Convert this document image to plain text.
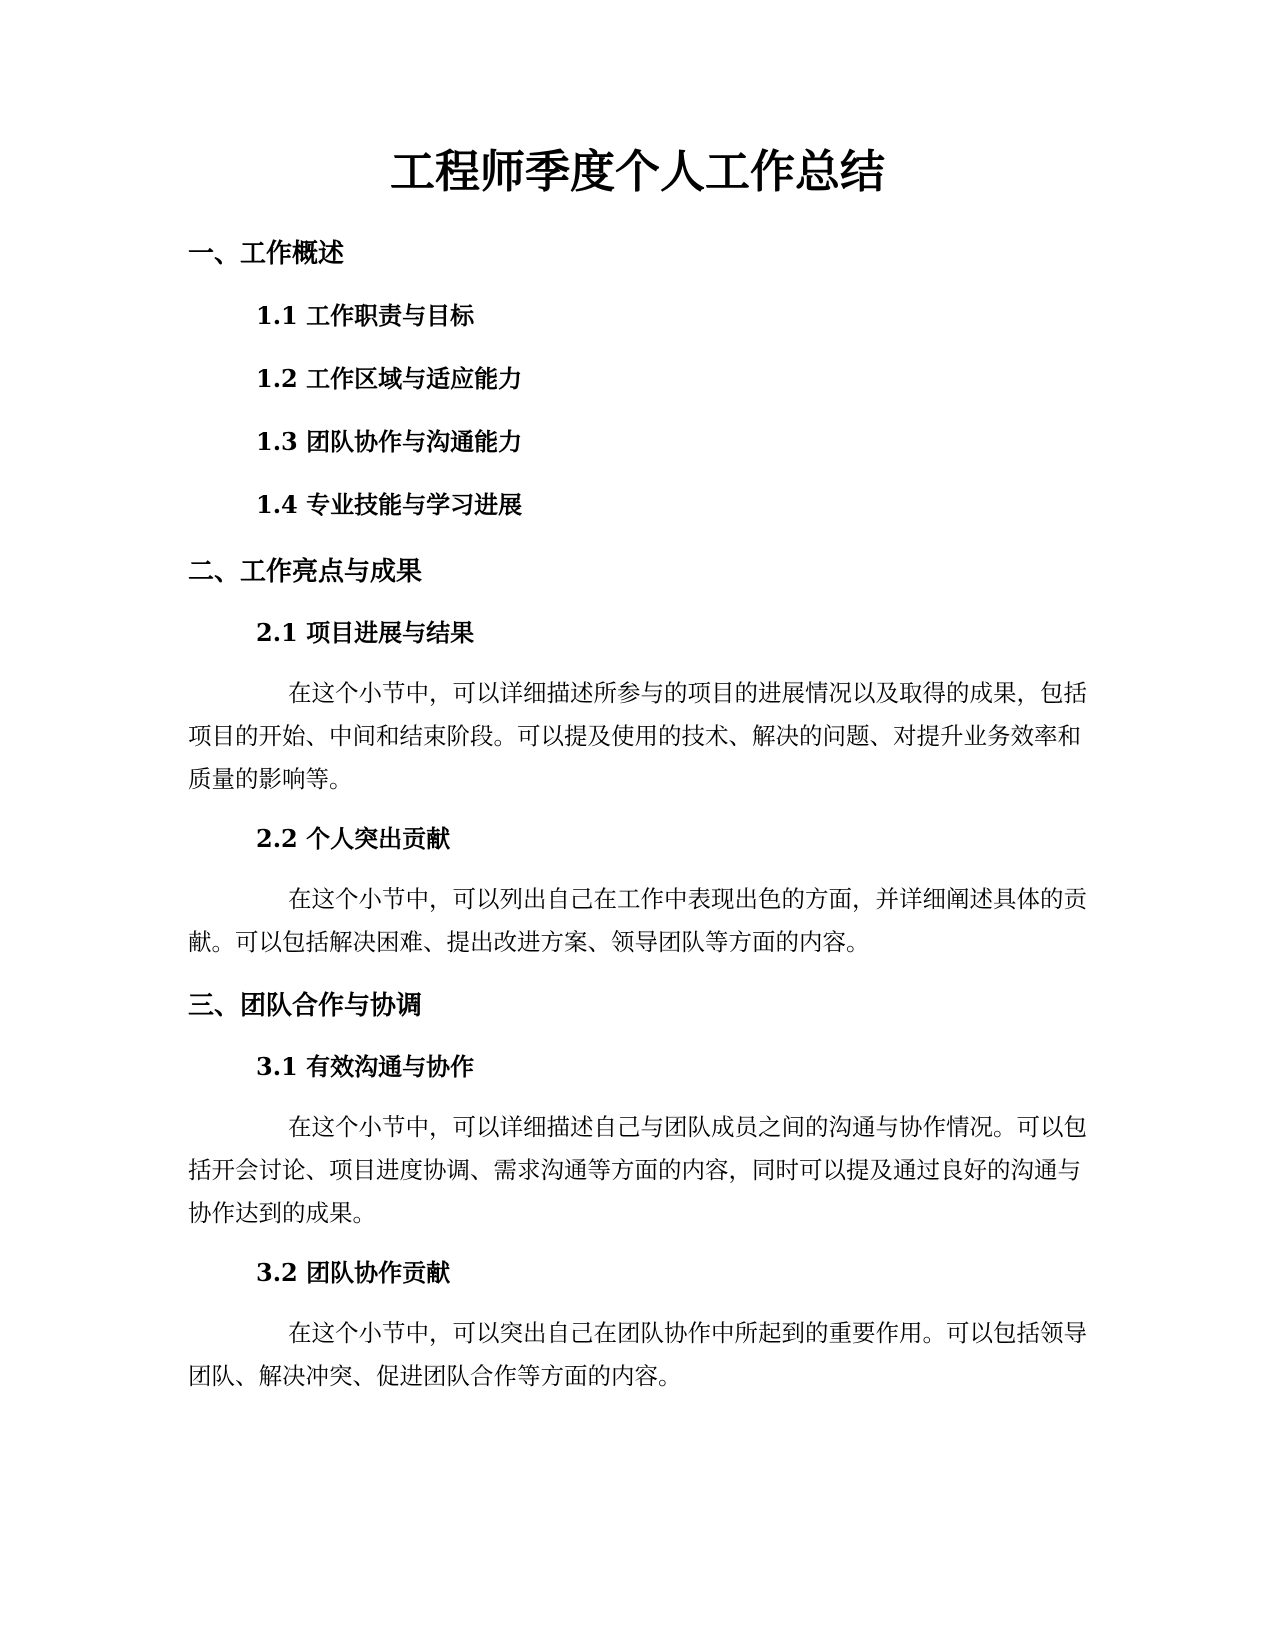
工程师季度个人工作总结
一、工作概述
1.1 工作职责与目标
1.2 工作区域与适应能力
1.3 团队协作与沟通能力
1.4 专业技能与学习进展
二、工作亮点与成果
2.1 项目进展与结果

在这个小节中，可以详细描述所参与的项目的进展情况以及取得的成果，包括项目的开始、中间和结束阶段。可以提及使用的技术、解决的问题、对提升业务效率和质量的影响等。

2.2 个人突出贡献

在这个小节中，可以列出自己在工作中表现出色的方面，并详细阐述具体的贡献。可以包括解决困难、提出改进方案、领导团队等方面的内容。

三、团队合作与协调
3.1 有效沟通与协作

在这个小节中，可以详细描述自己与团队成员之间的沟通与协作情况。可以包括开会讨论、项目进度协调、需求沟通等方面的内容，同时可以提及通过良好的沟通与协作达到的成果。

3.2 团队协作贡献

在这个小节中，可以突出自己在团队协作中所起到的重要作用。可以包括领导团队、解决冲突、促进团队合作等方面的内容。
